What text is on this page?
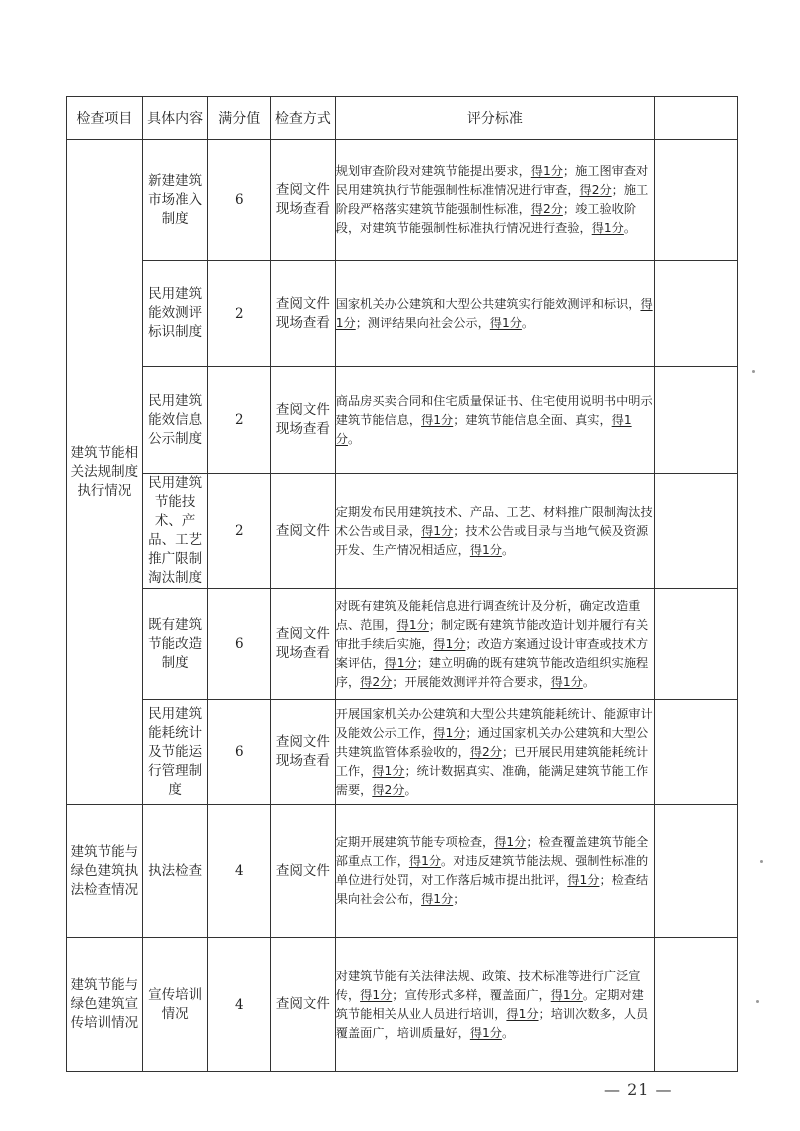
检查项目	具体内容	满分值	检查方式	评分标准	
建筑节能相关法规制度执行情况	新建建筑市场准入制度	6	查阅文件现场查看	规划审查阶段对建筑节能提出要求，得1分；施工图审查对民用建筑执行节能强制性标准情况进行审查，得2分；施工阶段严格落实建筑节能强制性标准，得2分；竣工验收阶段，对建筑节能强制性标准执行情况进行查验，得1分。	
	民用建筑能效测评标识制度	2	查阅文件现场查看	国家机关办公建筑和大型公共建筑实行能效测评和标识，得1分；测评结果向社会公示，得1分。	
	民用建筑能效信息公示制度	2	查阅文件现场查看	商品房买卖合同和住宅质量保证书、住宅使用说明书中明示建筑节能信息，得1分；建筑节能信息全面、真实，得1分。	
	民用建筑节能技术、产品、工艺推广限制淘汰制度	2	查阅文件	定期发布民用建筑技术、产品、工艺、材料推广限制淘汰技术公告或目录，得1分；技术公告或目录与当地气候及资源开发、生产情况相适应，得1分。	
	既有建筑节能改造制度	6	查阅文件现场查看	对既有建筑及能耗信息进行调查统计及分析，确定改造重点、范围，得1分；制定既有建筑节能改造计划并履行有关审批手续后实施，得1分；改造方案通过设计审查或技术方案评估，得1分；建立明确的既有建筑节能改造组织实施程序，得2分；开展能效测评并符合要求，得1分。	
	民用建筑能耗统计及节能运行管理制度	6	查阅文件现场查看	开展国家机关办公建筑和大型公共建筑能耗统计、能源审计及能效公示工作，得1分；通过国家机关办公建筑和大型公共建筑监管体系验收的，得2分；已开展民用建筑能耗统计工作，得1分；统计数据真实、准确，能满足建筑节能工作需要，得2分。	
建筑节能与绿色建筑执法检查情况	执法检查	4	查阅文件	定期开展建筑节能专项检查，得1分；检查覆盖建筑节能全部重点工作，得1分。对违反建筑节能法规、强制性标准的单位进行处罚，对工作落后城市提出批评，得1分；检查结果向社会公布，得1分；	
建筑节能与绿色建筑宣传培训情况	宣传培训情况	4	查阅文件	对建筑节能有关法律法规、政策、技术标准等进行广泛宣传，得1分；宣传形式多样，覆盖面广，得1分。定期对建筑节能相关从业人员进行培训，得1分；培训次数多，人员覆盖面广，培训质量好，得1分。	
— 21 —
